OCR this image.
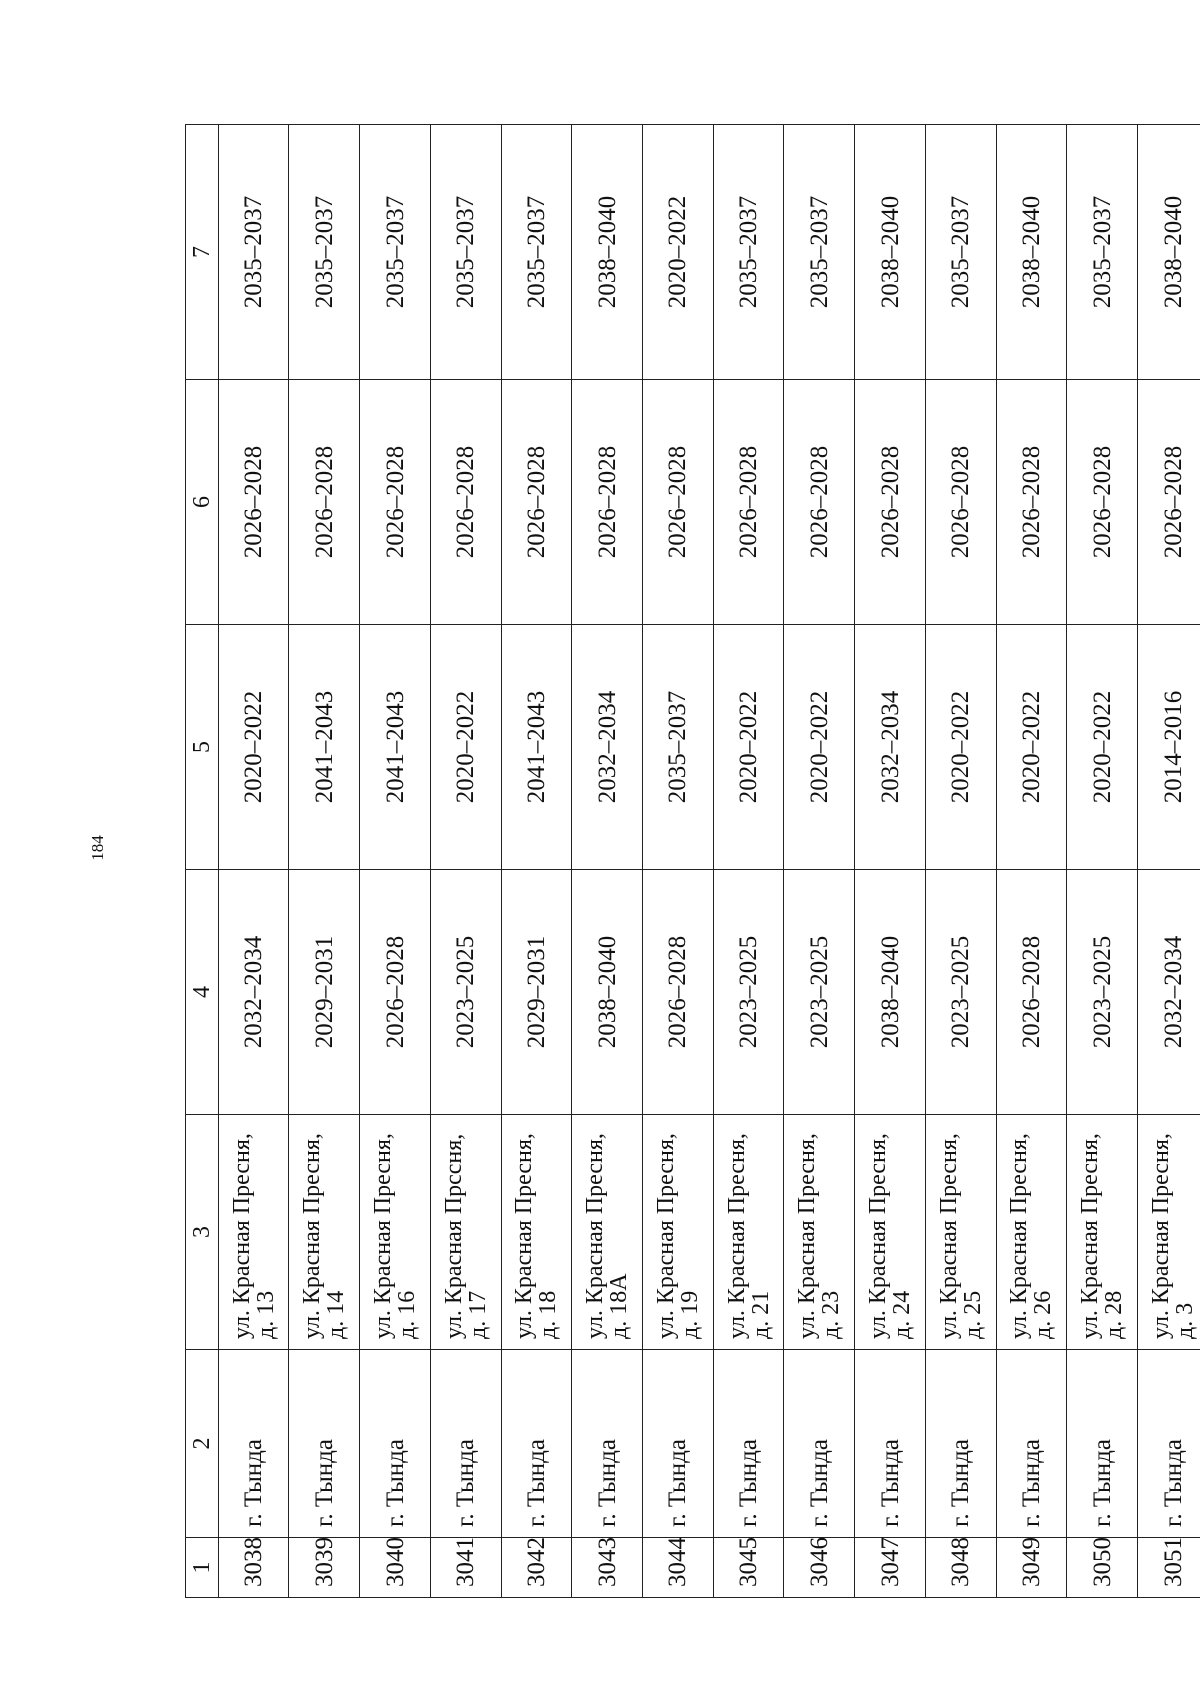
184
1	2	3	4	5	6	7
3038	г. Тында	ул. Красная Пресня, д. 13	2032–2034	2020–2022	2026–2028	2035–2037
3039	г. Тында	ул. Красная Пресня, д. 14	2029–2031	2041–2043	2026–2028	2035–2037
3040	г. Тында	ул. Красная Пресня, д. 16	2026–2028	2041–2043	2026–2028	2035–2037
3041	г. Тында	ул. Красная Прссня, д. 17	2023–2025	2020–2022	2026–2028	2035–2037
3042	г. Тында	ул. Красная Пресня, д. 18	2029–2031	2041–2043	2026–2028	2035–2037
3043	г. Тында	ул. Красная Пресня, д. 18А	2038–2040	2032–2034	2026–2028	2038–2040
3044	г. Тында	ул. Красная Пресня, д. 19	2026–2028	2035–2037	2026–2028	2020–2022
3045	г. Тында	ул. Красная Пресня, д. 21	2023–2025	2020–2022	2026–2028	2035–2037
3046	г. Тында	ул. Красная Пресня, д. 23	2023–2025	2020–2022	2026–2028	2035–2037
3047	г. Тында	ул. Красная Пресня, д. 24	2038–2040	2032–2034	2026–2028	2038–2040
3048	г. Тында	ул. Красная Пресня, д. 25	2023–2025	2020–2022	2026–2028	2035–2037
3049	г. Тында	ул. Красная Пресня, д. 26	2026–2028	2020–2022	2026–2028	2038–2040
3050	г. Тында	ул. Красная Пресня, д. 28	2023–2025	2020–2022	2026–2028	2035–2037
3051	г. Тында	ул. Красная Пресня, д. 3	2032–2034	2014–2016	2026–2028	2038–2040
